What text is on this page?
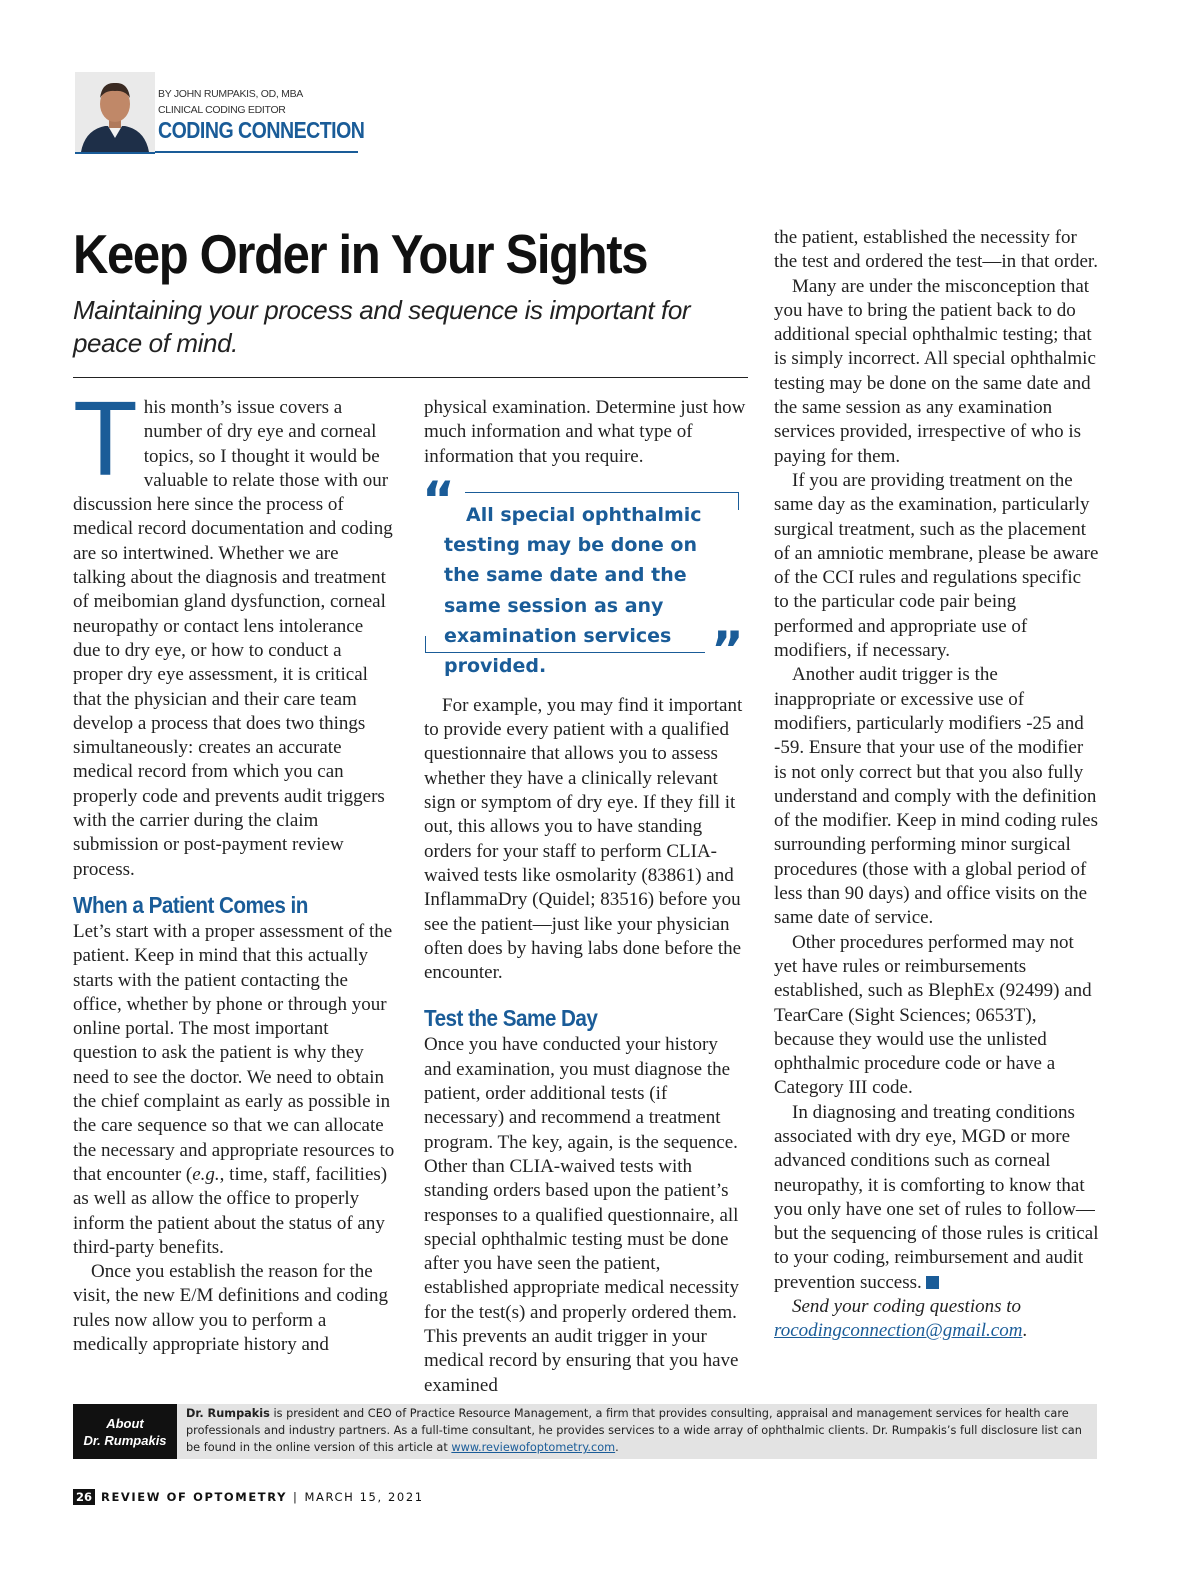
BY JOHN RUMPAKIS, OD, MBA
CLINICAL CODING EDITOR
CODING CONNECTION
Keep Order in Your Sights
Maintaining your process and sequence is important for peace of mind.

This month’s issue covers a number of dry eye and corneal topics, so I thought it would be valuable to relate those with our discussion here since the process of medical record documentation and coding are so intertwined. Whether we are talking about the diagnosis and treatment of meibomian gland dysfunction, corneal neuropathy or contact lens intolerance due to dry eye, or how to conduct a proper dry eye assessment, it is critical that the physician and their care team develop a process that does two things simultaneously: creates an accurate medical record from which you can properly code and prevents audit triggers with the carrier during the claim submission or post-payment review process.

When a Patient Comes in

Let’s start with a proper assessment of the patient. Keep in mind that this actually starts with the patient contacting the office, whether by phone or through your online portal. The most important question to ask the patient is why they need to see the doctor. We need to obtain the chief complaint as early as possible in the care sequence so that we can allocate the necessary and appropriate resources to that encounter (e.g., time, staff, facilities) as well as allow the office to properly inform the patient about the status of any third-party benefits.

Once you establish the reason for the visit, the new E/M definitions and coding rules now allow you to perform a medically appropriate history and

physical examination. Determine just how much information and what type of information that you require.

For example, you may find it important to provide every patient with a qualified questionnaire that allows you to assess whether they have a clinically relevant sign or symptom of dry eye. If they fill it out, this allows you to have standing orders for your staff to perform CLIA-waived tests like osmolarity (83861) and InflammaDry (Quidel; 83516) before you see the patient—just like your physician often does by having labs done before the encounter.

Test the Same Day

Once you have conducted your history and examination, you must diagnose the patient, order additional tests (if necessary) and recommend a treatment program. The key, again, is the sequence. Other than CLIA-waived tests with standing orders based upon the patient’s responses to a qualified questionnaire, all special ophthalmic testing must be done after you have seen the patient, established appropriate medical necessity for the test(s) and properly ordered them. This prevents an audit trigger in your medical record by ensuring that you have examined

“
”
All special ophthalmic testing may be done on the same date and the same session as any examination services provided.

the patient, established the necessity for the test and ordered the test—in that order.

Many are under the misconception that you have to bring the patient back to do additional special ophthalmic testing; that is simply incorrect. All special ophthalmic testing may be done on the same date and the same session as any examination services provided, irrespective of who is paying for them.

If you are providing treatment on the same day as the examination, particularly surgical treatment, such as the placement of an amniotic membrane, please be aware of the CCI rules and regulations specific to the particular code pair being performed and appropriate use of modifiers, if necessary.

Another audit trigger is the inappropriate or excessive use of modifiers, particularly modifiers -25 and -59. Ensure that your use of the modifier is not only correct but that you also fully understand and comply with the definition of the modifier. Keep in mind coding rules surrounding performing minor surgical procedures (those with a global period of less than 90 days) and office visits on the same date of service.

Other procedures performed may not yet have rules or reimbursements established, such as BlephEx (92499) and TearCare (Sight Sciences; 0653T), because they would use the unlisted ophthalmic procedure code or have a Category III code.

In diagnosing and treating conditions associated with dry eye, MGD or more advanced conditions such as corneal neuropathy, it is comforting to know that you only have one set of rules to follow—but the sequencing of those rules is critical to your coding, reimbursement and audit prevention success.

Send your coding questions to

rocodingconnection@gmail.com.

About
Dr. Rumpakis
Dr. Rumpakis is president and CEO of Practice Resource Management, a firm that provides consulting, appraisal and management services for health care professionals and industry partners. As a full-time consultant, he provides services to a wide array of ophthalmic clients. Dr. Rumpakis’s full disclosure list can be found in the online version of this article at www.reviewofoptometry.com.
26 REVIEW OF OPTOMETRY | MARCH 15, 2021
